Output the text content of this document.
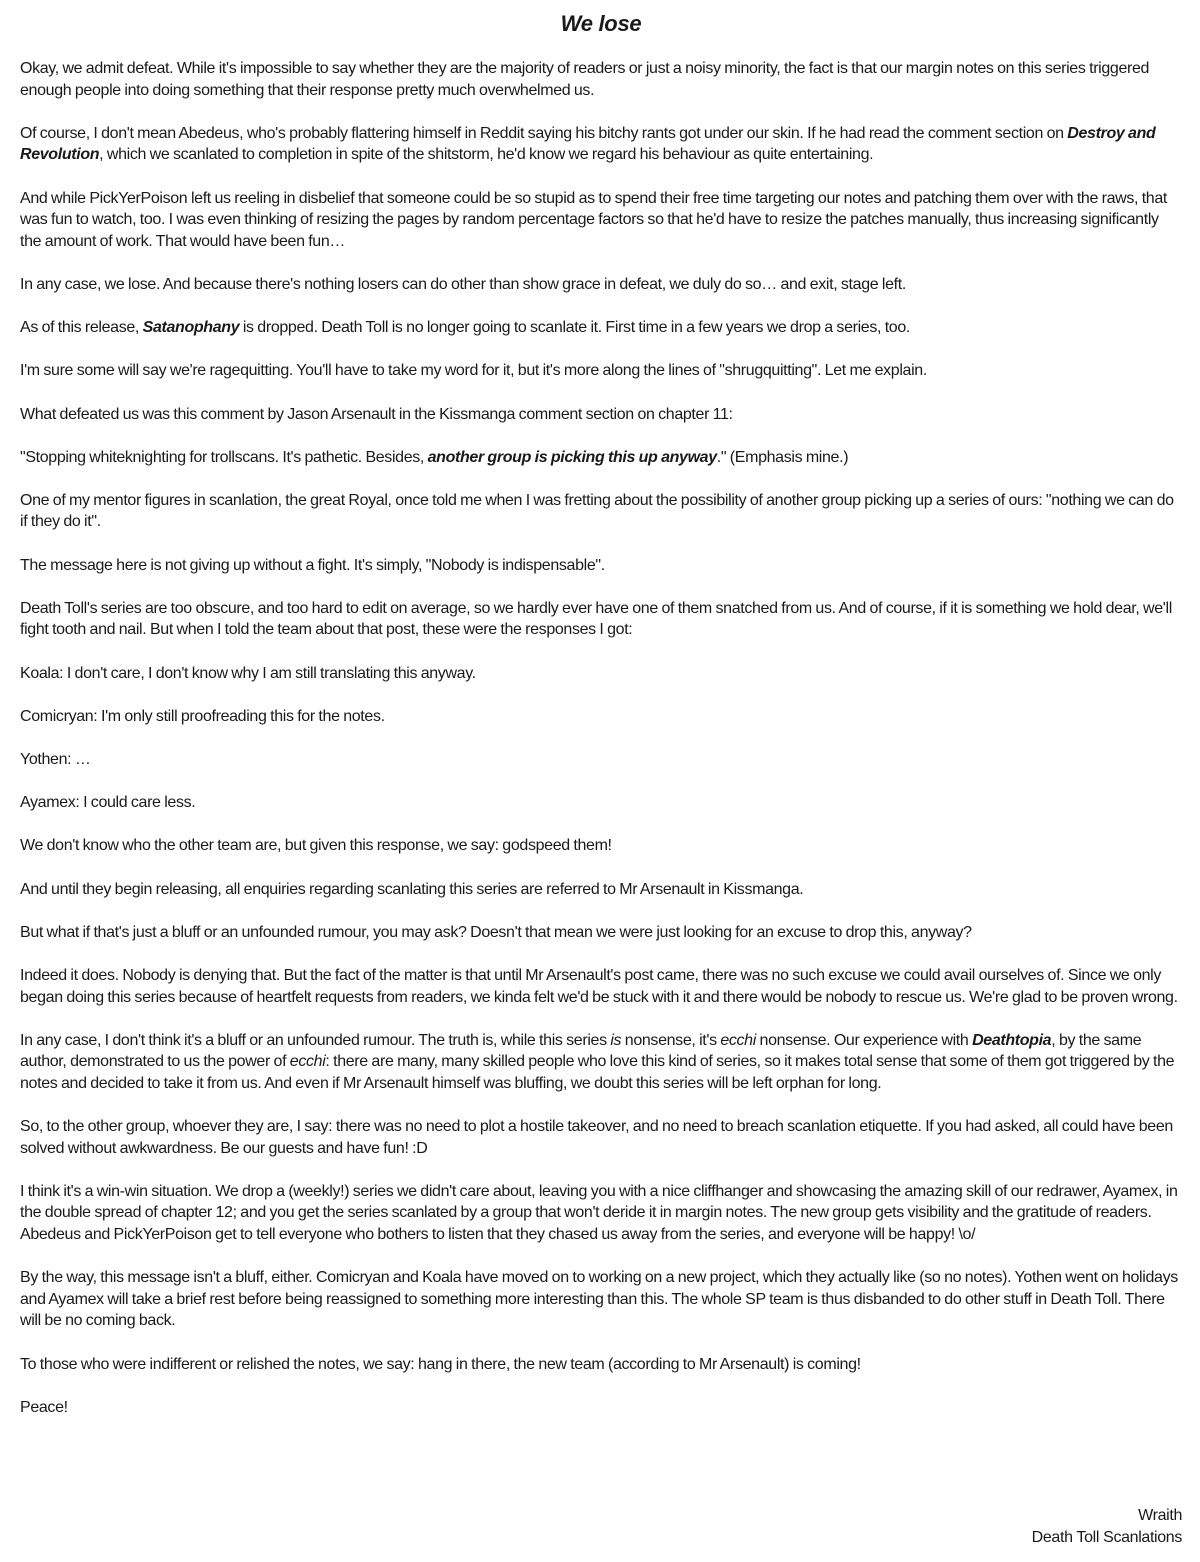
We lose

Okay, we admit defeat. While it's impossible to say whether they are the majority of readers or just a noisy minority, the fact is that our margin notes on this series triggered enough people into doing something that their response pretty much overwhelmed us.

Of course, I don't mean Abedeus, who's probably flattering himself in Reddit saying his bitchy rants got under our skin. If he had read the comment section on Destroy and Revolution, which we scanlated to completion in spite of the shitstorm, he'd know we regard his behaviour as quite entertaining.

And while PickYerPoison left us reeling in disbelief that someone could be so stupid as to spend their free time targeting our notes and patching them over with the raws, that was fun to watch, too. I was even thinking of resizing the pages by random percentage factors so that he'd have to resize the patches manually, thus increasing significantly the amount of work. That would have been fun…

In any case, we lose. And because there's nothing losers can do other than show grace in defeat, we duly do so… and exit, stage left.

As of this release, Satanophany is dropped. Death Toll is no longer going to scanlate it. First time in a few years we drop a series, too.

I'm sure some will say we're ragequitting. You'll have to take my word for it, but it's more along the lines of "shrugquitting". Let me explain.

What defeated us was this comment by Jason Arsenault in the Kissmanga comment section on chapter 11:

"Stopping whiteknighting for trollscans. It's pathetic. Besides, another group is picking this up anyway." (Emphasis mine.)

One of my mentor figures in scanlation, the great Royal, once told me when I was fretting about the possibility of another group picking up a series of ours: "nothing we can do if they do it".

The message here is not giving up without a fight. It's simply, "Nobody is indispensable".

Death Toll's series are too obscure, and too hard to edit on average, so we hardly ever have one of them snatched from us. And of course, if it is something we hold dear, we'll fight tooth and nail. But when I told the team about that post, these were the responses I got:

Koala: I don't care, I don't know why I am still translating this anyway.

Comicryan: I'm only still proofreading this for the notes.

Yothen: …

Ayamex: I could care less.

We don't know who the other team are, but given this response, we say: godspeed them!

And until they begin releasing, all enquiries regarding scanlating this series are referred to Mr Arsenault in Kissmanga.

But what if that's just a bluff or an unfounded rumour, you may ask? Doesn't that mean we were just looking for an excuse to drop this, anyway?

Indeed it does. Nobody is denying that. But the fact of the matter is that until Mr Arsenault's post came, there was no such excuse we could avail ourselves of. Since we only began doing this series because of heartfelt requests from readers, we kinda felt we'd be stuck with it and there would be nobody to rescue us. We're glad to be proven wrong.

In any case, I don't think it's a bluff or an unfounded rumour. The truth is, while this series is nonsense, it's ecchi nonsense. Our experience with Deathtopia, by the same author, demonstrated to us the power of ecchi: there are many, many skilled people who love this kind of series, so it makes total sense that some of them got triggered by the notes and decided to take it from us. And even if Mr Arsenault himself was bluffing, we doubt this series will be left orphan for long.

So, to the other group, whoever they are, I say: there was no need to plot a hostile takeover, and no need to breach scanlation etiquette. If you had asked, all could have been solved without awkwardness. Be our guests and have fun! :D

I think it's a win-win situation. We drop a (weekly!) series we didn't care about, leaving you with a nice cliffhanger and showcasing the amazing skill of our redrawer, Ayamex, in the double spread of chapter 12; and you get the series scanlated by a group that won't deride it in margin notes. The new group gets visibility and the gratitude of readers. Abedeus and PickYerPoison get to tell everyone who bothers to listen that they chased us away from the series, and everyone will be happy! \o/

By the way, this message isn't a bluff, either. Comicryan and Koala have moved on to working on a new project, which they actually like (so no notes). Yothen went on holidays and Ayamex will take a brief rest before being reassigned to something more interesting than this. The whole SP team is thus disbanded to do other stuff in Death Toll. There will be no coming back.

To those who were indifferent or relished the notes, we say: hang in there, the new team (according to Mr Arsenault) is coming!

Peace!

Wraith
Death Toll Scanlations
